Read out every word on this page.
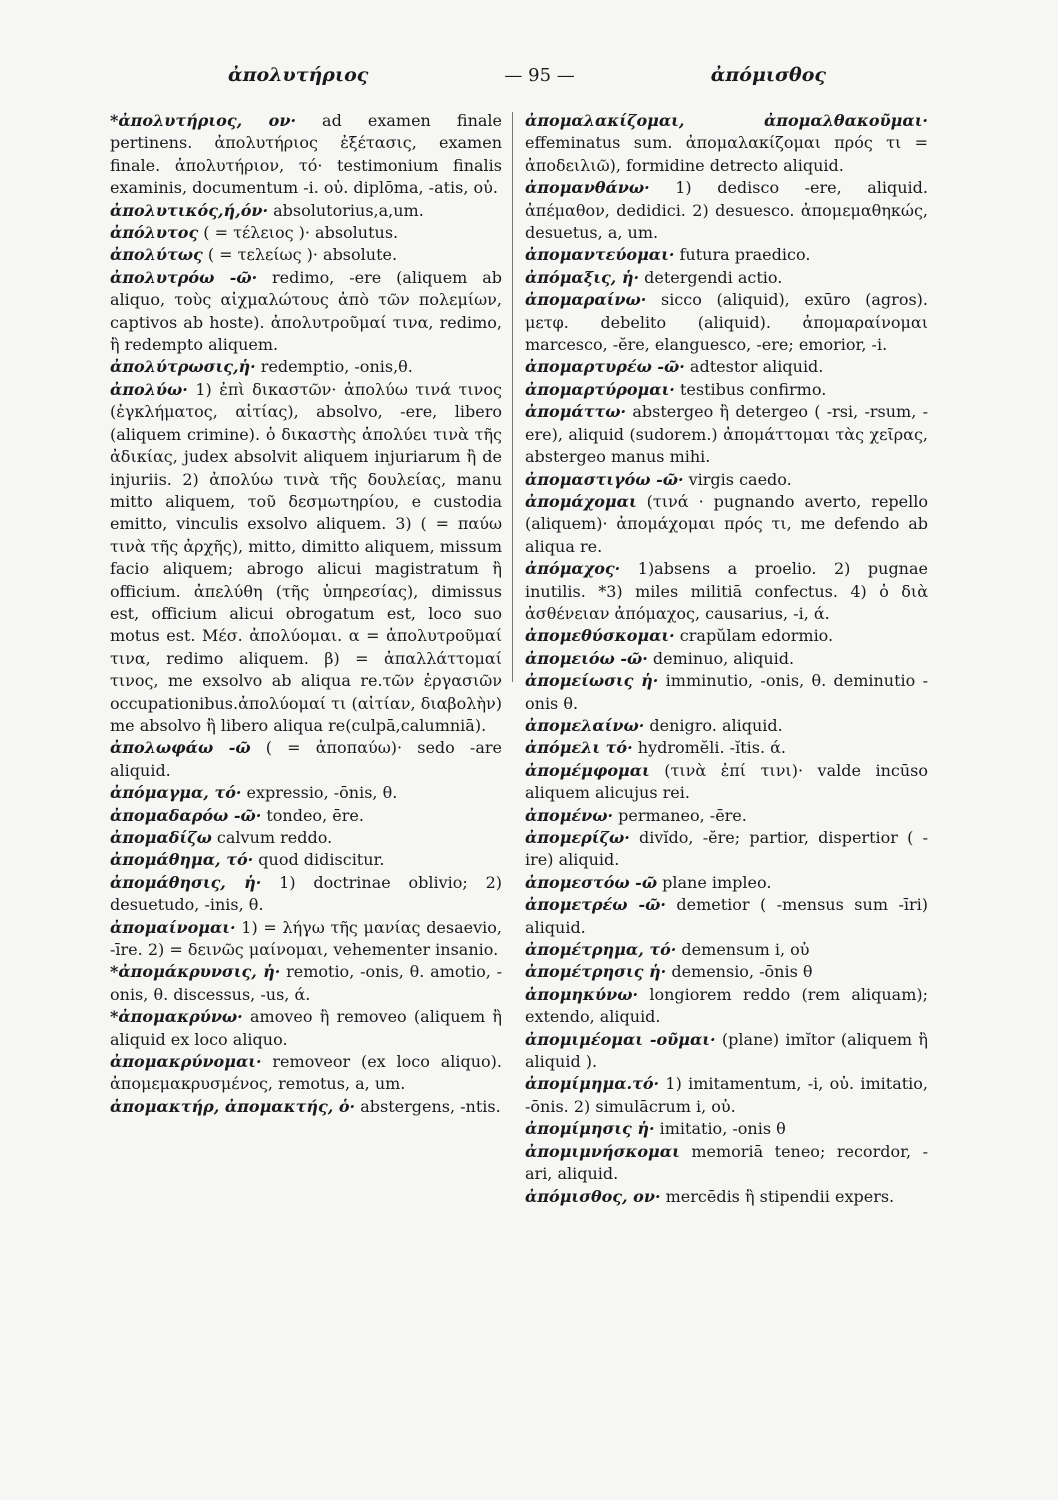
ἀπολυτήριος	— 95 —	ἀπόμισθος

*ἀπολυτήριος, ον· ad examen finale pertinens. ἀπολυτήριος ἐξέτασις, examen finale. ἀπολυτήριον, τό· testimonium finalis examinis, documentum -i. οὐ. diplōma, -atis, οὐ.

ἀπολυτικός,ή,όν· absolutorius,a,um.

ἀπόλυτος ( = τέλειος )· absolutus.

ἀπολύτως ( = τελείως )· absolute.

ἀπολυτρόω -ῶ· redimo, -ere (aliquem ab aliquo, τοὺς αἰχμαλώτους ἀπὸ τῶν πολεμίων, captivos ab hoste). ἀπολυτροῦμαί τινα, redimo, ἢ redempto aliquem.

ἀπολύτρωσις,ἡ· redemptio, -onis,θ.

ἀπολύω· 1) ἐπὶ δικαστῶν· ἀπολύω τινά τινος (ἐγκλήματος, αἰτίας), absolvo, -ere, libero (aliquem crimine). ὁ δικαστὴς ἀπολύει τινὰ τῆς ἀδικίας, judex absolvit aliquem injuriarum ἢ de injuriis. 2) ἀπολύω τινὰ τῆς δουλείας, manu mitto aliquem, τοῦ δεσμωτηρίου, e custodia emitto, vinculis exsolvo aliquem. 3) ( = παύω τινὰ τῆς ἀρχῆς), mitto, dimitto aliquem, missum facio aliquem; abrogo alicui magistratum ἢ officium. ἀπελύθη (τῆς ὑπηρεσίας), dimissus est, officium alicui obrogatum est, loco suo motus est. Μέσ. ἀπολύομαι. α = ἀπολυτροῦμαί τινα, redimo aliquem. β) = ἀπαλλάττομαί τινος, me exsolvo ab aliqua re.τῶν ἐργασιῶν occupationibus.ἀπολύομαί τι (αἰτίαν, διαβολὴν) me absolvo ἢ libero aliqua re(culpā,calumniā).

ἀπολωφάω -ῶ ( = ἀποπαύω)· sedo -are aliquid.

ἀπόμαγμα, τό· expressio, -ōnis, θ.

ἀπομαδαρόω -ῶ· tondeo, ēre.

ἀπομαδίζω calvum reddo.

ἀπομάθημα, τό· quod didiscitur.

ἀπομάθησις, ἡ· 1) doctrinae oblivio; 2) desuetudo, -inis, θ.

ἀπομαίνομαι· 1) = λήγω τῆς μανίας desaevio, -īre. 2) = δεινῶς μαίνομαι, vehementer insanio.

*ἀπομάκρυνσις, ἡ· remotio, -onis, θ. amotio, -onis, θ. discessus, -us, ά.

*ἀπομακρύνω· amoveo ἢ removeo (aliquem ἢ aliquid ex loco aliquo.

ἀπομακρύνομαι· removeor (ex loco aliquo). ἀπομεμακρυσμένος, remotus, a, um.

ἀπομακτήρ, ἀπομακτής, ὁ· abstergens, -ntis.

ἀπομαλακίζομαι, ἀπομαλθακοῦμαι· effeminatus sum. ἀπομαλακίζομαι πρός τι = ἀποδειλιῶ), formidine detrecto aliquid.

ἀπομανθάνω· 1) dedisco -ere, aliquid. ἀπέμαθον, dedidici. 2) desuesco. ἀπομεμαθηκώς, desuetus, a, um.

ἀπομαντεύομαι· futura praedico.

ἀπόμαξις, ἡ· detergendi actio.

ἀπομαραίνω· sicco (aliquid), exūro (agros). μετφ. debelito (aliquid). ἀπομαραίνομαι marcesco, -ĕre, elanguesco, -ere; emorior, -i.

ἀπομαρτυρέω -ῶ· adtestor aliquid.

ἀπομαρτύρομαι· testibus confirmo.

ἀπομάττω· abstergeo ἢ detergeo ( -rsi, -rsum, -ere), aliquid (sudorem.) ἀπομάττομαι τὰς χεῖρας, abstergeo manus mihi.

ἀπομαστιγόω -ῶ· virgis caedo.

ἀπομάχομαι (τινά · pugnando averto, repello (aliquem)· ἀπομάχομαι πρός τι, me defendo ab aliqua re.

ἀπόμαχος· 1)absens a proelio. 2) pugnae inutilis. *3) miles militiā confectus. 4) ὁ διὰ ἀσθένειαν ἀπόμαχος, causarius, -i, ά.

ἀπομεθύσκομαι· crapŭlam edormio.

ἀπομειόω -ῶ· deminuo, aliquid.

ἀπομείωσις ἡ· imminutio, -onis, θ. deminutio -onis θ.

ἀπομελαίνω· denigro. aliquid.

ἀπόμελι τό· hydromĕli. -ĭtis. ά.

ἀπομέμφομαι (τινὰ ἐπί τινι)· valde incūso aliquem alicujus rei.

ἀπομένω· permaneo, -ēre.

ἀπομερίζω· divĭdo, -ĕre; partior, dispertior ( -ire) aliquid.

ἀπομεστόω -ῶ plane impleo.

ἀπομετρέω -ῶ· demetior ( -mensus sum -īri) aliquid.

ἀπομέτρημα, τό· demensum i, οὐ

ἀπομέτρησις ἡ· demensio, -ōnis θ

ἀπομηκύνω· longiorem reddo (rem aliquam); extendo, aliquid.

ἀπομιμέομαι -οῦμαι· (plane) imĭtor (aliquem ἢ aliquid ).

ἀπομίμημα.τό· 1) imitamentum, -i, οὐ. imitatio, -ōnis. 2) simulācrum i, οὐ.

ἀπομίμησις ἡ· imitatio, -onis θ

ἀπομιμνήσκομαι memoriā teneo; recordor, -ari, aliquid.

ἀπόμισθος, ον· mercēdis ἢ stipendii expers.
